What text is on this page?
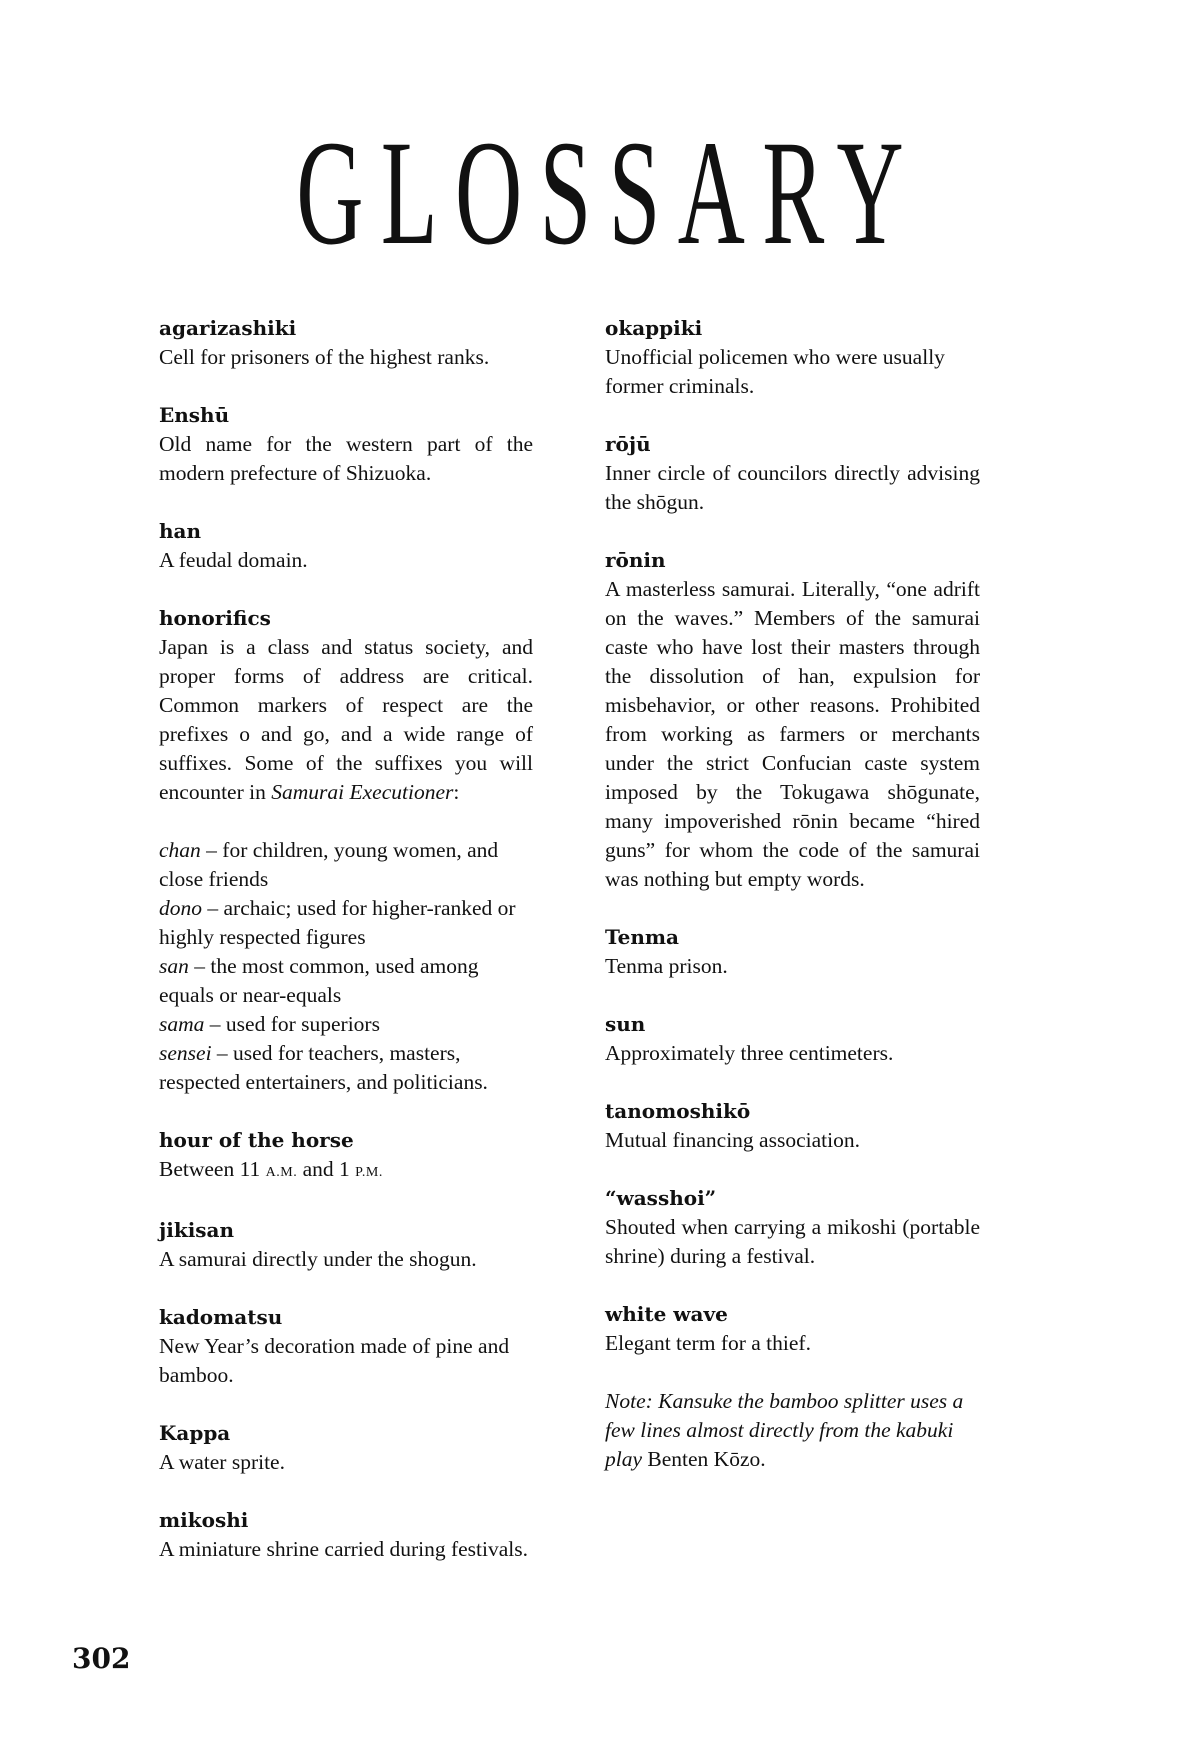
GLOSSARY
agarizashiki
Cell for prisoners of the highest ranks.
Enshū
Old name for the western part of the modern prefecture of Shizuoka.
han
A feudal domain.
honorifics
Japan is a class and status society, and proper forms of address are critical. Common markers of respect are the prefixes o and go, and a wide range of suffixes. Some of the suffixes you will encounter in Samurai Executioner:
chan – for children, young women, and close friends
dono – archaic; used for higher-ranked or highly respected figures
san – the most common, used among equals or near-equals
sama – used for superiors
sensei – used for teachers, masters, respected entertainers, and politicians.
hour of the horse
Between 11 A.M. and 1 P.M.
jikisan
A samurai directly under the shogun.
kadomatsu
New Year’s decoration made of pine and bamboo.
Kappa
A water sprite.
mikoshi
A miniature shrine carried during festivals.
okappiki
Unofficial policemen who were usually former criminals.
rōjū
Inner circle of councilors directly advising the shōgun.
rōnin
A masterless samurai. Literally, “one adrift on the waves.” Members of the samurai caste who have lost their masters through the dissolution of han, expulsion for misbehavior, or other reasons. Prohibited from working as farmers or merchants under the strict Confucian caste system imposed by the Tokugawa shōgunate, many impoverished rōnin became “hired guns” for whom the code of the samurai was nothing but empty words.
Tenma
Tenma prison.
sun
Approximately three centimeters.
tanomoshikō
Mutual financing association.
“wasshoi”
Shouted when carrying a mikoshi (portable shrine) during a festival.
white wave
Elegant term for a thief.
Note: Kansuke the bamboo splitter uses a few lines almost directly from the kabuki play Benten Kōzo.
302
